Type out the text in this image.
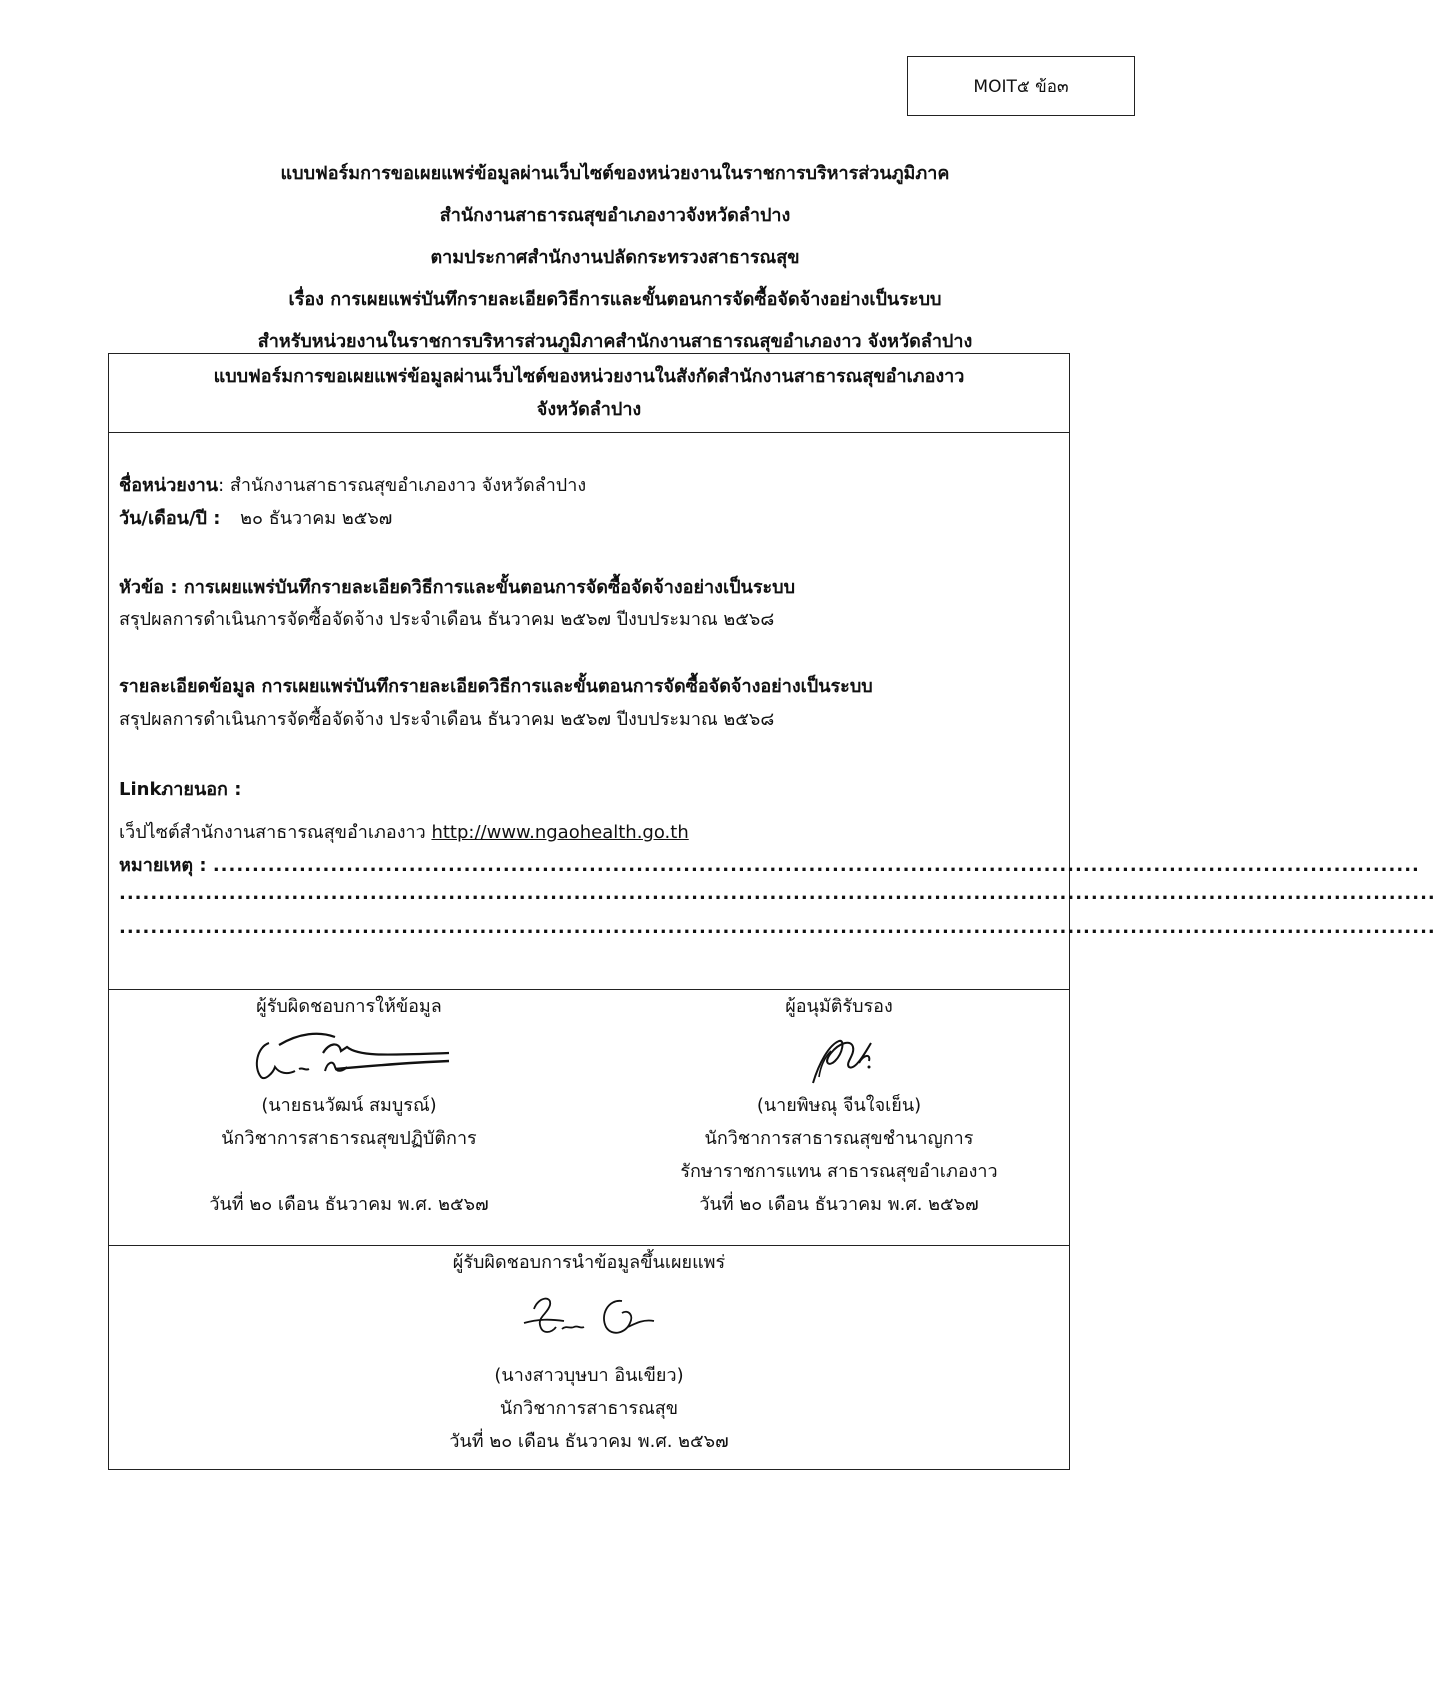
MOIT๕ ข้อ๓
แบบฟอร์มการขอเผยแพร่ข้อมูลผ่านเว็บไซต์ของหน่วยงานในราชการบริหารส่วนภูมิภาค
สำนักงานสาธารณสุขอำเภองาวจังหวัดลำปาง
ตามประกาศสำนักงานปลัดกระทรวงสาธารณสุข
เรื่อง การเผยแพร่บันทึกรายละเอียดวิธีการและขั้นตอนการจัดซื้อจัดจ้างอย่างเป็นระบบ
สำหรับหน่วยงานในราชการบริหารส่วนภูมิภาคสำนักงานสาธารณสุขอำเภองาว จังหวัดลำปาง
แบบฟอร์มการขอเผยแพร่ข้อมูลผ่านเว็บไซต์ของหน่วยงานในสังกัดสำนักงานสาธารณสุขอำเภองาว
จังหวัดลำปาง
ชื่อหน่วยงาน: สำนักงานสาธารณสุขอำเภองาว จังหวัดลำปาง
วัน/เดือน/ปี : ๒๐ ธันวาคม ๒๕๖๗
หัวข้อ : การเผยแพร่บันทึกรายละเอียดวิธีการและขั้นตอนการจัดซื้อจัดจ้างอย่างเป็นระบบ
สรุปผลการดำเนินการจัดซื้อจัดจ้าง ประจำเดือน ธันวาคม ๒๕๖๗ ปีงบประมาณ ๒๕๖๘
รายละเอียดข้อมูล การเผยแพร่บันทึกรายละเอียดวิธีการและขั้นตอนการจัดซื้อจัดจ้างอย่างเป็นระบบ
สรุปผลการดำเนินการจัดซื้อจัดจ้าง ประจำเดือน ธันวาคม ๒๕๖๗ ปีงบประมาณ ๒๕๖๘
Linkภายนอก :
เว็ปไซต์สำนักงานสาธารณสุขอำเภองาว http://www.ngaohealth.go.th
หมายเหตุ : ..........................................................................................................................................................
........................................................................................................................................................................
........................................................................................................................................................................
ผู้รับผิดชอบการให้ข้อมูล
(นายธนวัฒน์ สมบูรณ์)
นักวิชาการสาธารณสุขปฏิบัติการ

วันที่ ๒๐ เดือน ธันวาคม พ.ศ. ๒๕๖๗
ผู้อนุมัติรับรอง
(นายพิษณุ จีนใจเย็น)
นักวิชาการสาธารณสุขชำนาญการ
รักษาราชการแทน สาธารณสุขอำเภองาว
วันที่ ๒๐ เดือน ธันวาคม พ.ศ. ๒๕๖๗
ผู้รับผิดชอบการนำข้อมูลขึ้นเผยแพร่
(นางสาวบุษบา อินเขียว)
นักวิชาการสาธารณสุข
วันที่ ๒๐ เดือน ธันวาคม พ.ศ. ๒๕๖๗
